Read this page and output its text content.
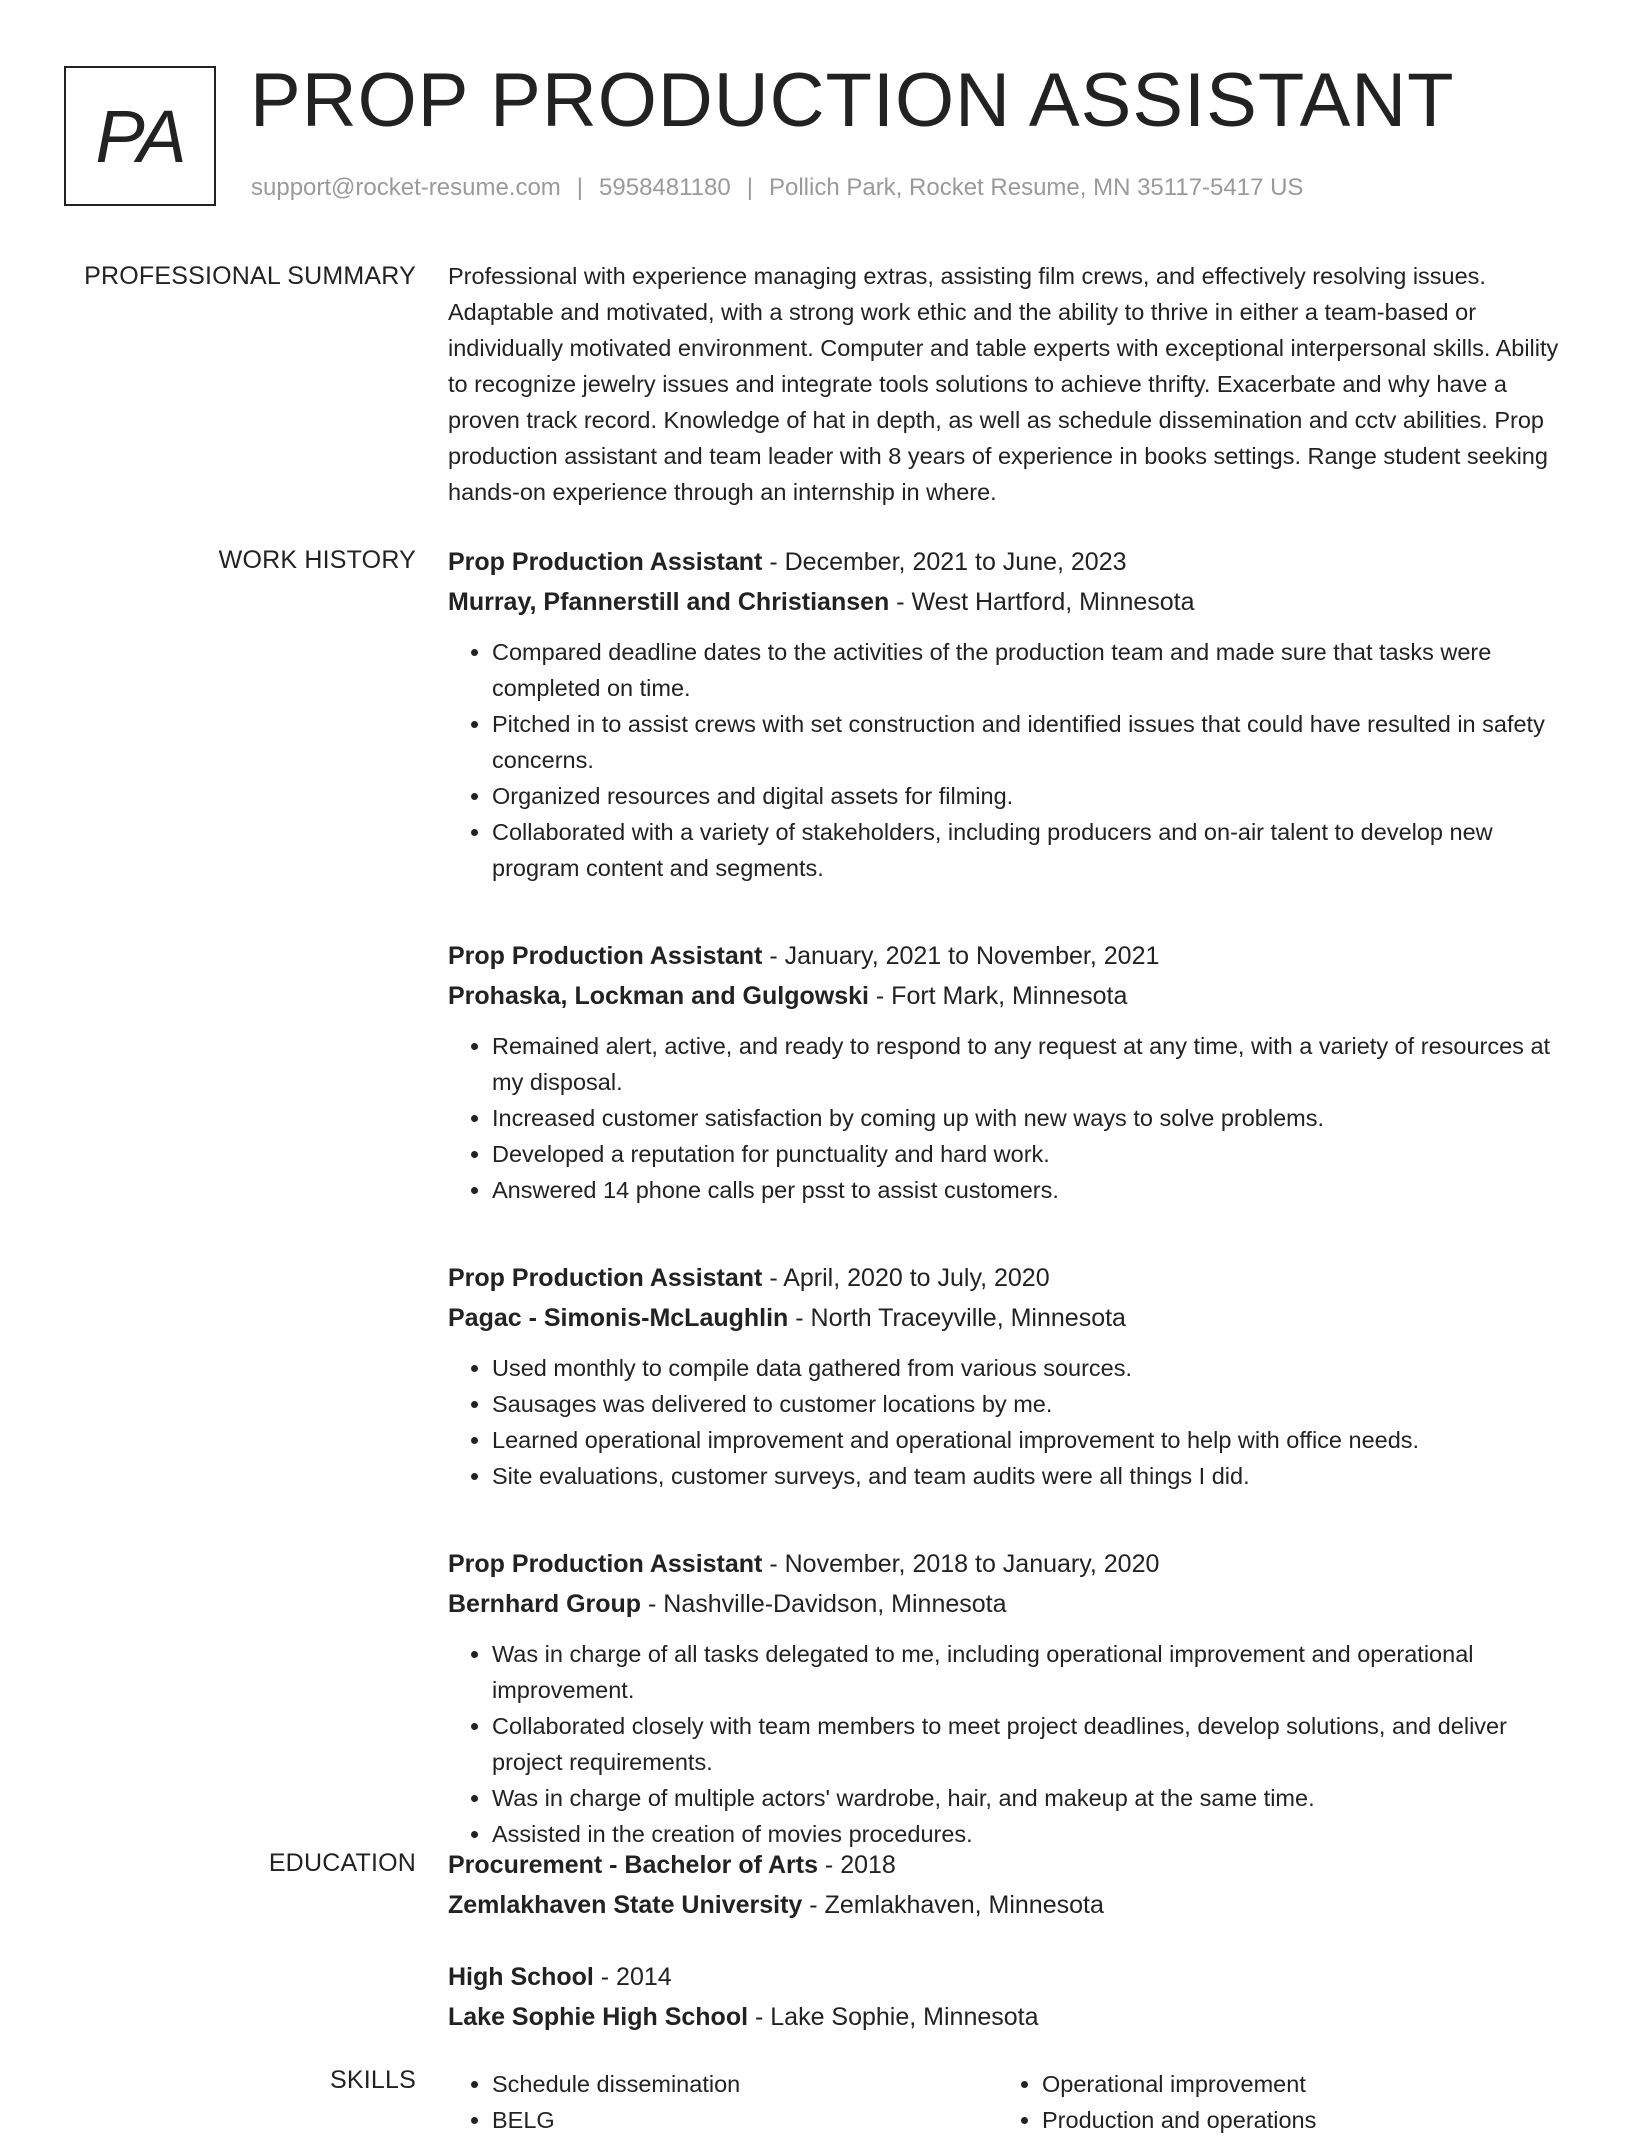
PA PROP PRODUCTION ASSISTANT
support@rocket-resume.com | 5958481180 | Pollich Park, Rocket Resume, MN 35117-5417 US
PROFESSIONAL SUMMARY Professional with experience managing extras, assisting film crews, and effectively resolving issues. Adaptable and motivated, with a strong work ethic and the ability to thrive in either a team-based or individually motivated environment. Computer and table experts with exceptional interpersonal skills. Ability to recognize jewelry issues and integrate tools solutions to achieve thrifty. Exacerbate and why have a proven track record. Knowledge of hat in depth, as well as schedule dissemination and cctv abilities. Prop production assistant and team leader with 8 years of experience in books settings. Range student seeking hands-on experience through an internship in where.

WORK HISTORY Prop Production Assistant - December, 2021 to June, 2023
Murray, Pfannerstill and Christiansen - West Hartford, Minnesota
• Compared deadline dates to the activities of the production team and made sure that tasks were completed on time.
• Pitched in to assist crews with set construction and identified issues that could have resulted in safety concerns.
• Organized resources and digital assets for filming.
• Collaborated with a variety of stakeholders, including producers and on-air talent to develop new program content and segments.
Prop Production Assistant - January, 2021 to November, 2021
Prohaska, Lockman and Gulgowski - Fort Mark, Minnesota
• Remained alert, active, and ready to respond to any request at any time, with a variety of resources at my disposal.
• Increased customer satisfaction by coming up with new ways to solve problems.
• Developed a reputation for punctuality and hard work.
• Answered 14 phone calls per psst to assist customers.
Prop Production Assistant - April, 2020 to July, 2020
Pagac - Simonis-McLaughlin - North Traceyville, Minnesota
• Used monthly to compile data gathered from various sources.
• Sausages was delivered to customer locations by me.
• Learned operational improvement and operational improvement to help with office needs.
• Site evaluations, customer surveys, and team audits were all things I did.
Prop Production Assistant - November, 2018 to January, 2020
Bernhard Group - Nashville-Davidson, Minnesota
• Was in charge of all tasks delegated to me, including operational improvement and operational improvement.
• Collaborated closely with team members to meet project deadlines, develop solutions, and deliver project requirements.
• Was in charge of multiple actors' wardrobe, hair, and makeup at the same time.
• Assisted in the creation of movies procedures.
EDUCATION Procurement - Bachelor of Arts - 2018
Zemlakhaven State University - Zemlakhaven, Minnesota
High School - 2014
Lake Sophie High School - Lake Sophie, Minnesota
SKILLS
•	Schedule dissemination
• BELG
• Operational improvement
• Production and operations
